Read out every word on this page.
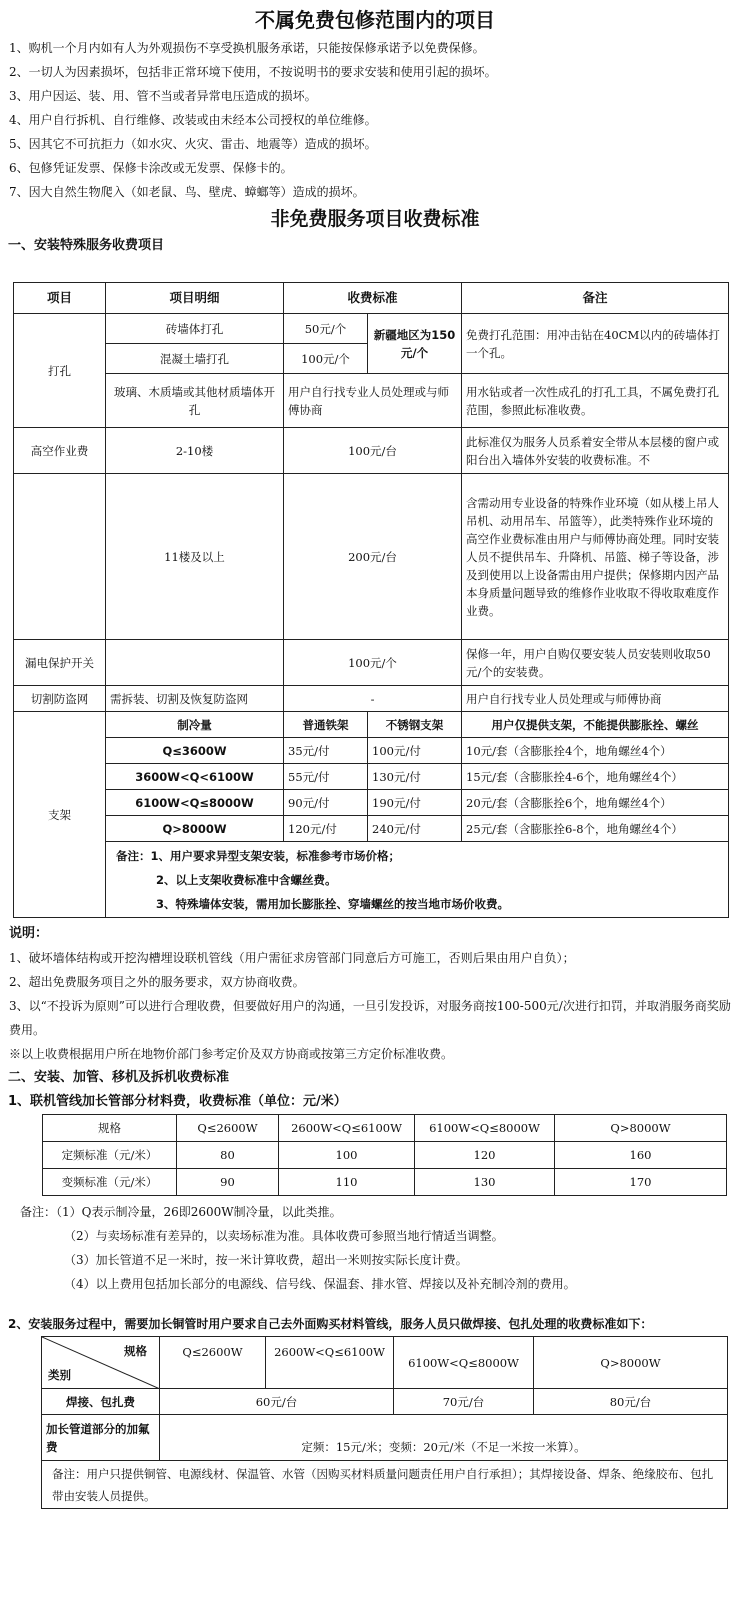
不属免费包修范围内的项目
1、购机一个月内如有人为外观损伤不享受换机服务承诺，只能按保修承诺予以免费保修。
2、一切人为因素损坏，包括非正常环境下使用，不按说明书的要求安装和使用引起的损坏。
3、用户因运、装、用、管不当或者异常电压造成的损坏。
4、用户自行拆机、自行维修、改装或由未经本公司授权的单位维修。
5、因其它不可抗拒力（如水灾、火灾、雷击、地震等）造成的损坏。
6、包修凭证发票、保修卡涂改或无发票、保修卡的。
7、因大自然生物爬入（如老鼠、鸟、壁虎、蟑螂等）造成的损坏。
非免费服务项目收费标准
一、安装特殊服务收费项目
项目	项目明细	收费标准		备注
打孔	砖墙体打孔	50元/个	新疆地区为150元/个	免费打孔范围：用冲击钻在40CM以内的砖墙体打一个孔。
	混凝土墙打孔	100元/个		
	玻璃、木质墙或其他材质墙体开孔	用户自行找专业人员处理或与师傅协商		用水钻或者一次性成孔的打孔工具，不属免费打孔范围，参照此标准收费。
高空作业费	2-10楼	100元/台		此标准仅为服务人员系着安全带从本层楼的窗户或阳台出入墙体外安装的收费标准。不
	11楼及以上	200元/台		含需动用专业设备的特殊作业环境（如从楼上吊人吊机、动用吊车、吊篮等），此类特殊作业环境的高空作业费标准由用户与师傅协商处理。同时安装人员不提供吊车、升降机、吊篮、梯子等设备，涉及到使用以上设备需由用户提供；保修期内因产品本身质量问题导致的维修作业收取不得收取难度作业费。
漏电保护开关		100元/个		保修一年，用户自购仅要安装人员安装则收取50元/个的安装费。
切割防盗网	需拆装、切割及恢复防盗网	-		用户自行找专业人员处理或与师傅协商
支架	制冷量	普通铁架	不锈钢支架	用户仅提供支架，不能提供膨胀拴、螺丝
	Q≤3600W	35元/付	100元/付	10元/套（含膨胀拴4个，地角螺丝4个）
	3600W<Q<6100W	55元/付	130元/付	15元/套（含膨胀拴4-6个，地角螺丝4个）
	6100W<Q≤8000W	90元/付	190元/付	20元/套（含膨胀拴6个，地角螺丝4个）
	Q>8000W	120元/付	240元/付	25元/套（含膨胀拴6-8个，地角螺丝4个）

	备注：1、用户要求异型支架安装，标准参考市场价格；
2、以上支架收费标准中含螺丝费。
3、特殊墙体安装，需用加长膨胀拴、穿墙螺丝的按当地市场价收费。			
说明：
1、破坏墙体结构或开挖沟槽埋设联机管线（用户需征求房管部门同意后方可施工，否则后果由用户自负）；
2、超出免费服务项目之外的服务要求，双方协商收费。
3、以“不投诉为原则”可以进行合理收费，但要做好用户的沟通，一旦引发投诉，对服务商按100-500元/次进行扣罚，并取消服务商奖励费用。
※以上收费根据用户所在地物价部门参考定价及双方协商或按第三方定价标准收费。
二、安装、加管、移机及拆机收费标准
1、联机管线加长管部分材料费，收费标准（单位：元/米）
规格	Q≤2600W	2600W<Q≤6100W	6100W<Q≤8000W	Q>8000W
定频标准（元/米）	80	100	120	160
变频标准（元/米）	90	110	130	170
备注：（1）Q表示制冷量，26即2600W制冷量，以此类推。
（2）与卖场标准有差异的，以卖场标准为准。具体收费可参照当地行情适当调整。
（3）加长管道不足一米时，按一米计算收费，超出一米则按实际长度计费。
（4）以上费用包括加长部分的电源线、信号线、保温套、排水管、焊接以及补充制冷剂的费用。
2、安装服务过程中，需要加长铜管时用户要求自己去外面购买材料管线，服务人员只做焊接、包扎处理的收费标准如下：
规格
类别	Q≤2600W	2600W<Q≤6100W	6100W<Q≤8000W	Q>8000W
焊接、包扎费	60元/台		70元/台	80元/台
加长管道部分的加氟费	定频：15元/米；变频：20元/米（不足一米按一米算）。			
备注：用户只提供铜管、电源线材、保温管、水管（因购买材料质量问题责任用户自行承担）；其焊接设备、焊条、绝缘胶布、包扎带由安装人员提供。				
